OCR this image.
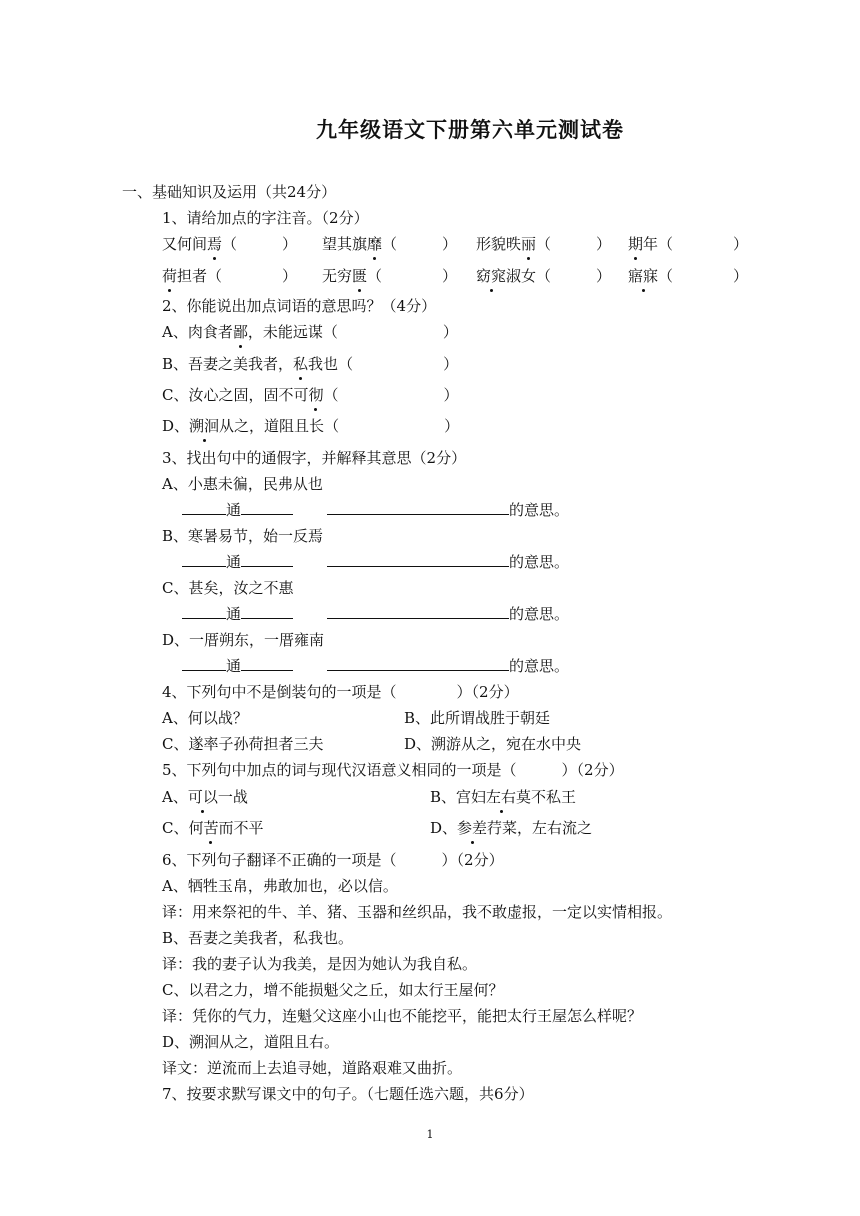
九年级语文下册第六单元测试卷
一、基础知识及运用（共24分）
1、请给加点的字注音。（2分）
又何间焉（　　　） 望其旗靡（　　　） 形貌昳丽（　　　） 期年（　　　　）
荷担者（　　　　） 无穷匮（　　　　） 窈窕淑女（　　　） 寤寐（　　　　）
2、你能说出加点词语的意思吗？（4分）
A、肉食者鄙，未能远谋（　　　　　　　）
B、吾妻之美我者，私我也（　　　　　　）
C、汝心之固，固不可彻（　　　　　　　）
D、溯洄从之，道阻且长（　　　　　　　）
3、找出句中的通假字，并解释其意思（2分）
A、小惠未徧，民弗从也
通	的意思。
B、寒暑易节，始一反焉
通	的意思。
C、甚矣，汝之不惠
通	的意思。
D、一厝朔东，一厝雍南
通	的意思。
4、下列句中不是倒装句的一项是（　　　　）（2分）
A、何以战？	B、此所谓战胜于朝廷
C、遂率子孙荷担者三夫	D、溯游从之，宛在水中央
5、下列句中加点的词与现代汉语意义相同的一项是（　　　）（2分）
A、可以一战	B、宫妇左右莫不私王
C、何苦而不平	D、参差荇菜，左右流之
6、下列句子翻译不正确的一项是（　　　）（2分）
A、牺牲玉帛，弗敢加也，必以信。
译：用来祭祀的牛、羊、猪、玉器和丝织品，我不敢虚报，一定以实情相报。
B、吾妻之美我者，私我也。
译：我的妻子认为我美，是因为她认为我自私。
C、以君之力，增不能损魁父之丘，如太行王屋何？
译：凭你的气力，连魁父这座小山也不能挖平，能把太行王屋怎么样呢？
D、溯洄从之，道阻且右。
译文：逆流而上去追寻她，道路艰难又曲折。
7、按要求默写课文中的句子。（七题任选六题，共6分）
1
